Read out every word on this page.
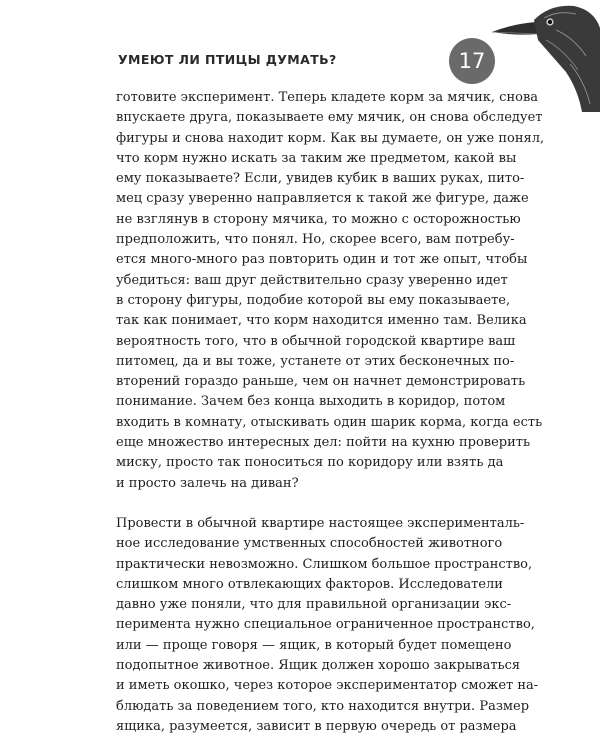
УМЕЮТ ЛИ ПТИЦЫ ДУМАТЬ?	17
готовите эксперимент. Теперь кладете корм за мячик, снова
впускаете друга, показываете ему мячик, он снова обследует
фигуры и снова находит корм. Как вы думаете, он уже понял,
что корм нужно искать за таким же предметом, какой вы
ему показываете? Если, увидев кубик в ваших руках, пито-
мец сразу уверенно направляется к такой же фигуре, даже
не взглянув в сторону мячика, то можно с осторожностью
предположить, что понял. Но, скорее всего, вам потребу-
ется много-много раз повторить один и тот же опыт, чтобы
убедиться: ваш друг действительно сразу уверенно идет
в сторону фигуры, подобие которой вы ему показываете,
так как понимает, что корм находится именно там. Велика
вероятность того, что в обычной городской квартире ваш
питомец, да и вы тоже, устанете от этих бесконечных по-
вторений гораздо раньше, чем он начнет демонстрировать
понимание. Зачем без конца выходить в коридор, потом
входить в комнату, отыскивать один шарик корма, когда есть
еще множество интересных дел: пойти на кухню проверить
миску, просто так поноситься по коридору или взять да
и просто залечь на диван?
Провести в обычной квартире настоящее эксперименталь-
ное исследование умственных способностей животного
практически невозможно. Слишком большое пространство,
слишком много отвлекающих факторов. Исследователи
давно уже поняли, что для правильной организации экс-
перимента нужно специальное ограниченное пространство,
или — проще говоря — ящик, в который будет помещено
подопытное животное. Ящик должен хорошо закрываться
и иметь окошко, через которое экспериментатор сможет на-
блюдать за поведением того, кто находится внутри. Размер
ящика, разумеется, зависит в первую очередь от размера
